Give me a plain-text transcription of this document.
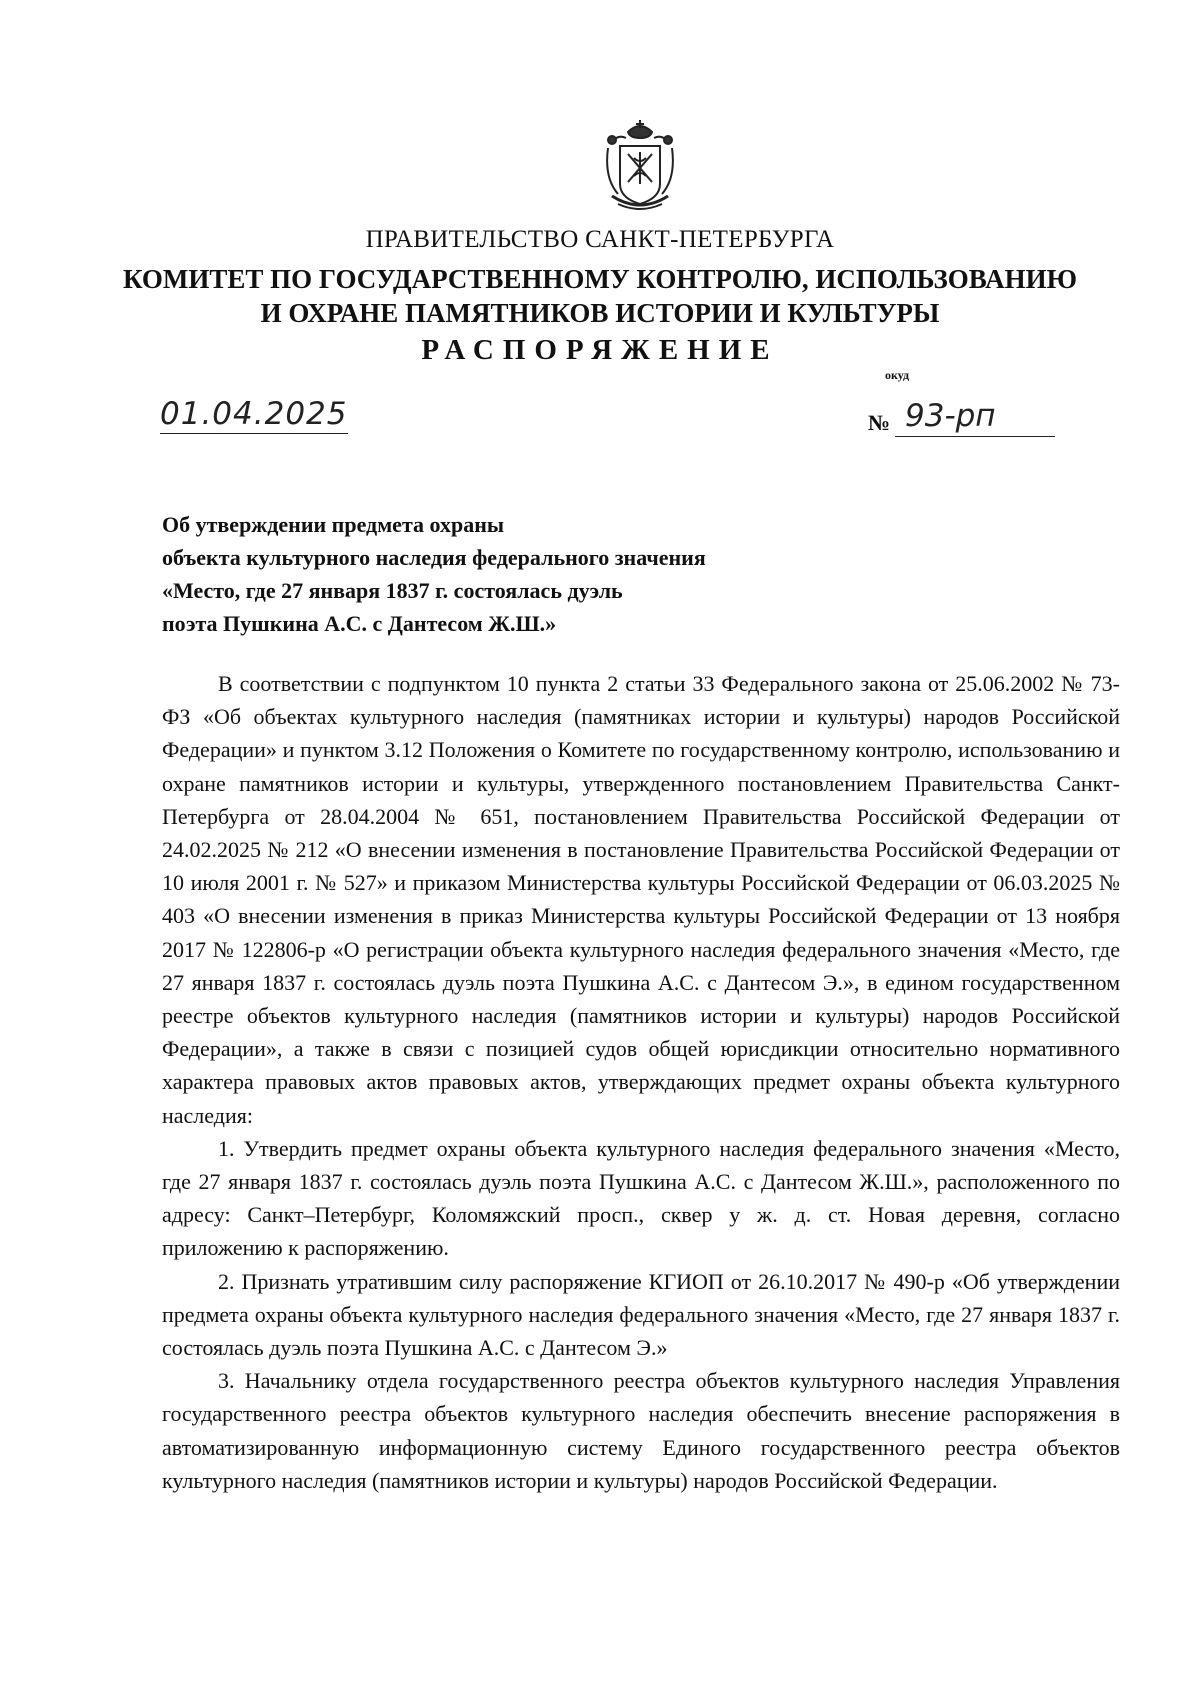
ПРАВИТЕЛЬСТВО САНКТ-ПЕТЕРБУРГА
КОМИТЕТ ПО ГОСУДАРСТВЕННОМУ КОНТРОЛЮ, ИСПОЛЬЗОВАНИЮ
И ОХРАНЕ ПАМЯТНИКОВ ИСТОРИИ И КУЛЬТУРЫ
РАСПОРЯЖЕНИЕ
окуд
01.04.2025	№ 93-рп
Об утверждении предмета охраны
объекта культурного наследия федерального значения
«Место, где 27 января 1837 г. состоялась дуэль
поэта Пушкина А.С. с Дантесом Ж.Ш.»

В соответствии с подпунктом 10 пункта 2 статьи 33 Федерального закона от 25.06.2002 № 73-ФЗ «Об объектах культурного наследия (памятниках истории и культуры) народов Российской Федерации» и пунктом 3.12 Положения о Комитете по государственному контролю, использованию и охране памятников истории и культуры, утвержденного постановлением Правительства Санкт-Петербурга от 28.04.2004 № 651, постановлением Правительства Российской Федерации от 24.02.2025 № 212 «О внесении изменения в постановление Правительства Российской Федерации от 10 июля 2001 г. № 527» и приказом Министерства культуры Российской Федерации от 06.03.2025 № 403 «О внесении изменения в приказ Министерства культуры Российской Федерации от 13 ноября 2017 № 122806-р «О регистрации объекта культурного наследия федерального значения «Место, где 27 января 1837 г. состоялась дуэль поэта Пушкина А.С. с Дантесом Э.», в едином государственном реестре объектов культурного наследия (памятников истории и культуры) народов Российской Федерации», а также в связи с позицией судов общей юрисдикции относительно нормативного характера правовых актов правовых актов, утверждающих предмет охраны объекта культурного наследия:

1. Утвердить предмет охраны объекта культурного наследия федерального значения «Место, где 27 января 1837 г. состоялась дуэль поэта Пушкина А.С. с Дантесом Ж.Ш.», расположенного по адресу: Санкт–Петербург, Коломяжский просп., сквер у ж. д. ст. Новая деревня, согласно приложению к распоряжению.

2. Признать утратившим силу распоряжение КГИОП от 26.10.2017 № 490-р «Об утверждении предмета охраны объекта культурного наследия федерального значения «Место, где 27 января 1837 г. состоялась дуэль поэта Пушкина А.С. с Дантесом Э.»

3. Начальнику отдела государственного реестра объектов культурного наследия Управления государственного реестра объектов культурного наследия обеспечить внесение распоряжения в автоматизированную информационную систему Единого государственного реестра объектов культурного наследия (памятников истории и культуры) народов Российской Федерации.
